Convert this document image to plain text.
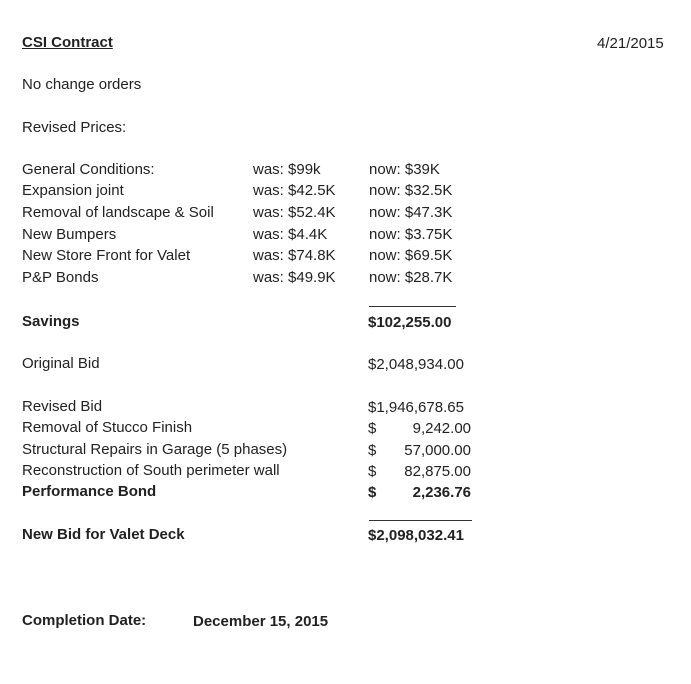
CSI Contract	4/21/2015
No change orders
Revised Prices:
General Conditions:	was: $99k	now: $39K
Expansion joint	was: $42.5K now: $32.5K
Removal of landscape & Soil	was: $52.4K now: $47.3K
New Bumpers	was: $4.4K	now: $3.75K
New Store Front for Valet	was: $74.8K now: $69.5K
P&P Bonds	was: $49.9K now: $28.7K
Savings	$102,255.00
Original Bid	$2,048,934.00
Revised Bid	$1,946,678.65
Removal of Stucco Finish	$ 9,242.00
Structural Repairs in Garage (5 phases)	$ 57,000.00
Reconstruction of South perimeter wall	$ 82,875.00
Performance Bond	$ 2,236.76
New Bid for Valet Deck	$2,098,032.41
Completion Date:	December 15, 2015
